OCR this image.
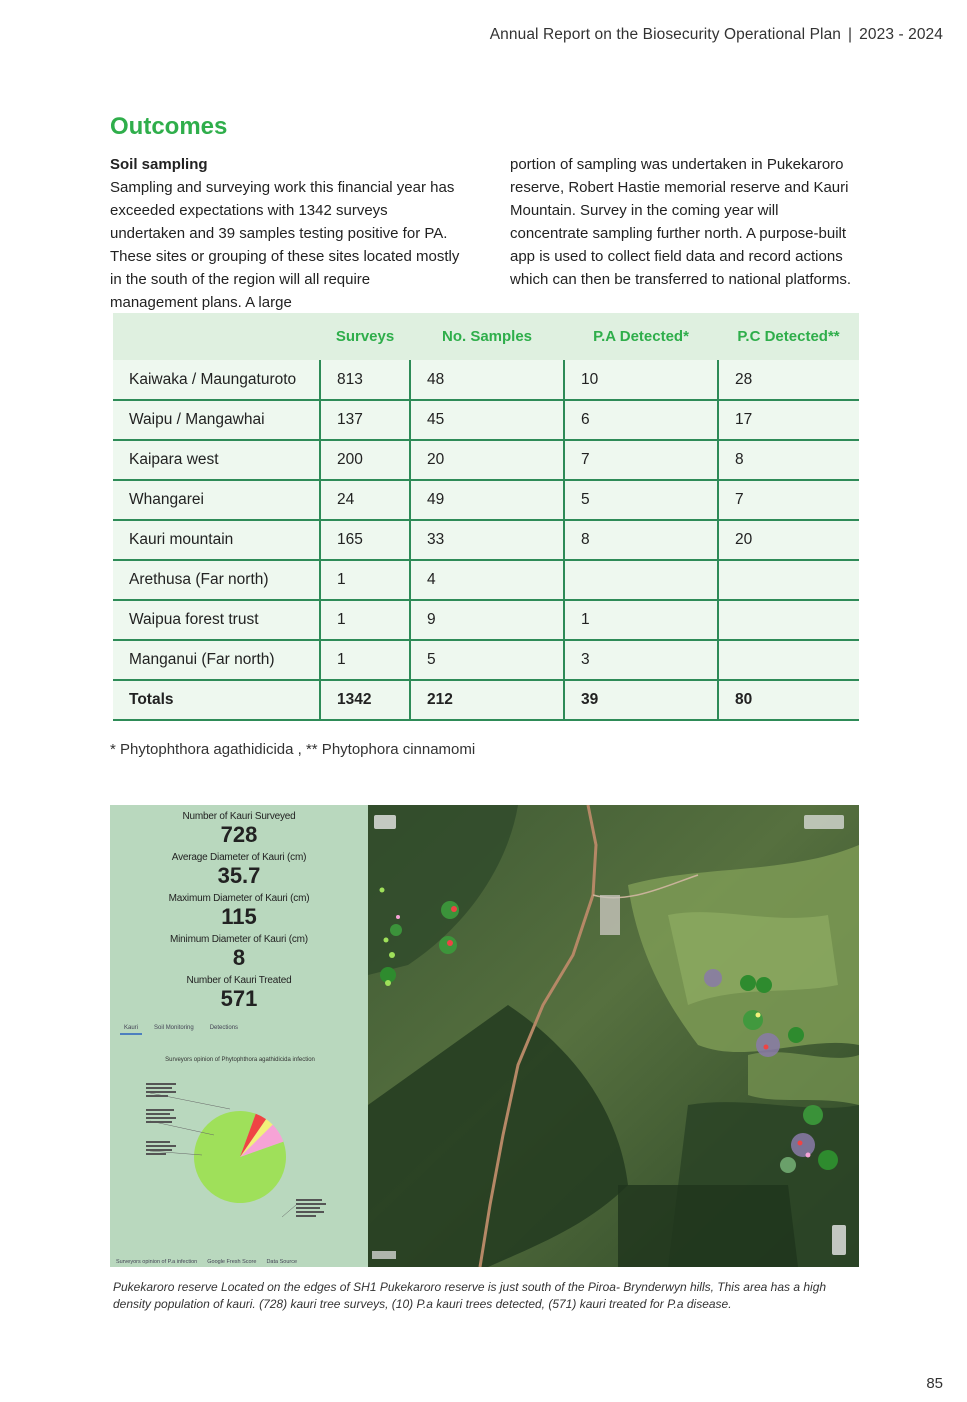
Annual Report on the Biosecurity Operational Plan | 2023 - 2024
Outcomes

Soil sampling
Sampling and surveying work this financial year has exceeded expectations with 1342 surveys undertaken and 39 samples testing positive for PA. These sites or grouping of these sites located mostly in the south of the region will all require management plans. A large

portion of sampling was undertaken in Pukekaroro reserve, Robert Hastie memorial reserve and Kauri Mountain. Survey in the coming year will concentrate sampling further north. A purpose-built app is used to collect field data and record actions which can then be transferred to national platforms.

	Surveys	No. Samples	P.A Detected*	P.C Detected**
Kaiwaka / Maungaturoto	813	48	10	28
Waipu / Mangawhai	137	45	6	17
Kaipara west	200	20	7	8
Whangarei	24	49	5	7
Kauri mountain	165	33	8	20
Arethusa (Far north)	1	4		
Waipua forest trust	1	9	1	
Manganui (Far north)	1	5	3	
Totals	1342	212	39	80

* Phytophthora agathidicida , ** Phytophora cinnamomi

Number of Kauri Surveyed
728
Average Diameter of Kauri (cm)
35.7
Maximum Diameter of Kauri (cm)
115
Minimum Diameter of Kauri (cm)
8
Number of Kauri Treated
571
Kauri	Soil Monitoring	Detections
Surveyors opinion of Phytophthora agathidicida infection
Surveyors opinion of P.a infection Google Fresh Score Data Source

Pukekaroro reserve Located on the edges of SH1 Pukekaroro reserve is just south of the Piroa- Brynderwyn hills, This area has a high density population of kauri. (728) kauri tree surveys, (10) P.a kauri trees detected, (571) kauri treated for P.a disease.

85
